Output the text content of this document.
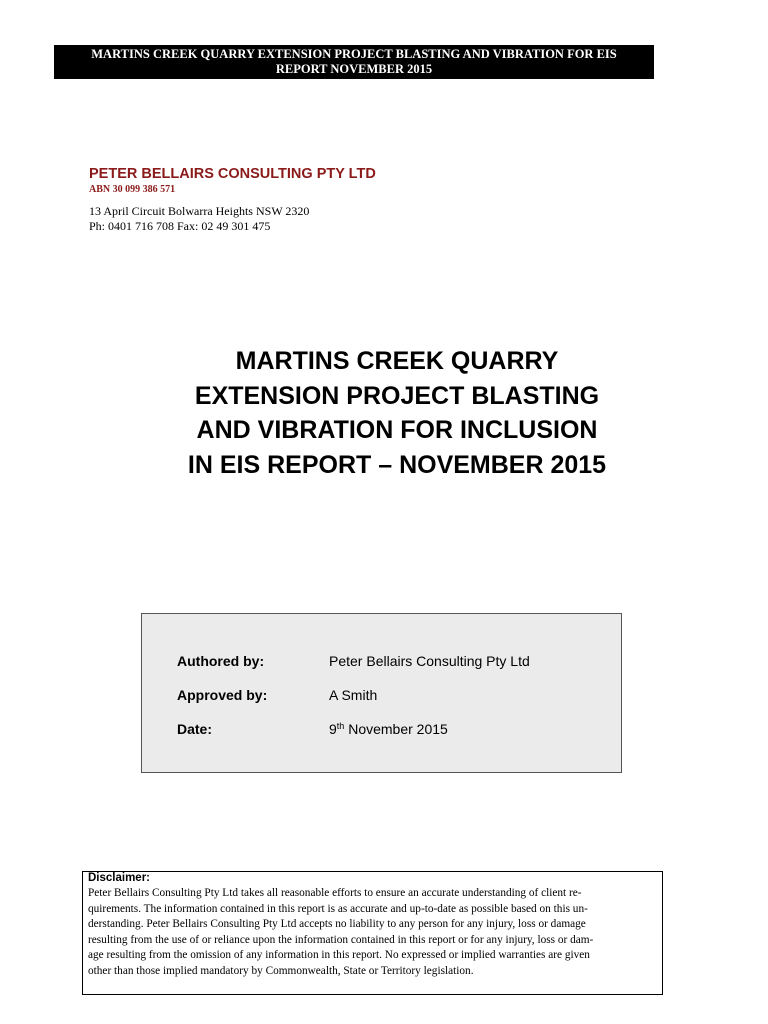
MARTINS CREEK QUARRY EXTENSION PROJECT BLASTING AND VIBRATION FOR EIS
REPORT NOVEMBER 2015
PETER BELLAIRS CONSULTING PTY LTD
ABN 30 099 386 571
13 April Circuit Bolwarra Heights NSW 2320
Ph: 0401 716 708 Fax: 02 49 301 475
MARTINS CREEK QUARRY
EXTENSION PROJECT BLASTING
AND VIBRATION FOR INCLUSION
IN EIS REPORT – NOVEMBER 2015
Authored by:	Peter Bellairs Consulting Pty Ltd
Approved by:	A Smith
Date:	9th November 2015
Disclaimer:
Peter Bellairs Consulting Pty Ltd takes all reasonable efforts to ensure an accurate understanding of client re-
quirements. The information contained in this report is as accurate and up-to-date as possible based on this un-
derstanding. Peter Bellairs Consulting Pty Ltd accepts no liability to any person for any injury, loss or damage
resulting from the use of or reliance upon the information contained in this report or for any injury, loss or dam-
age resulting from the omission of any information in this report. No expressed or implied warranties are given
other than those implied mandatory by Commonwealth, State or Territory legislation.
